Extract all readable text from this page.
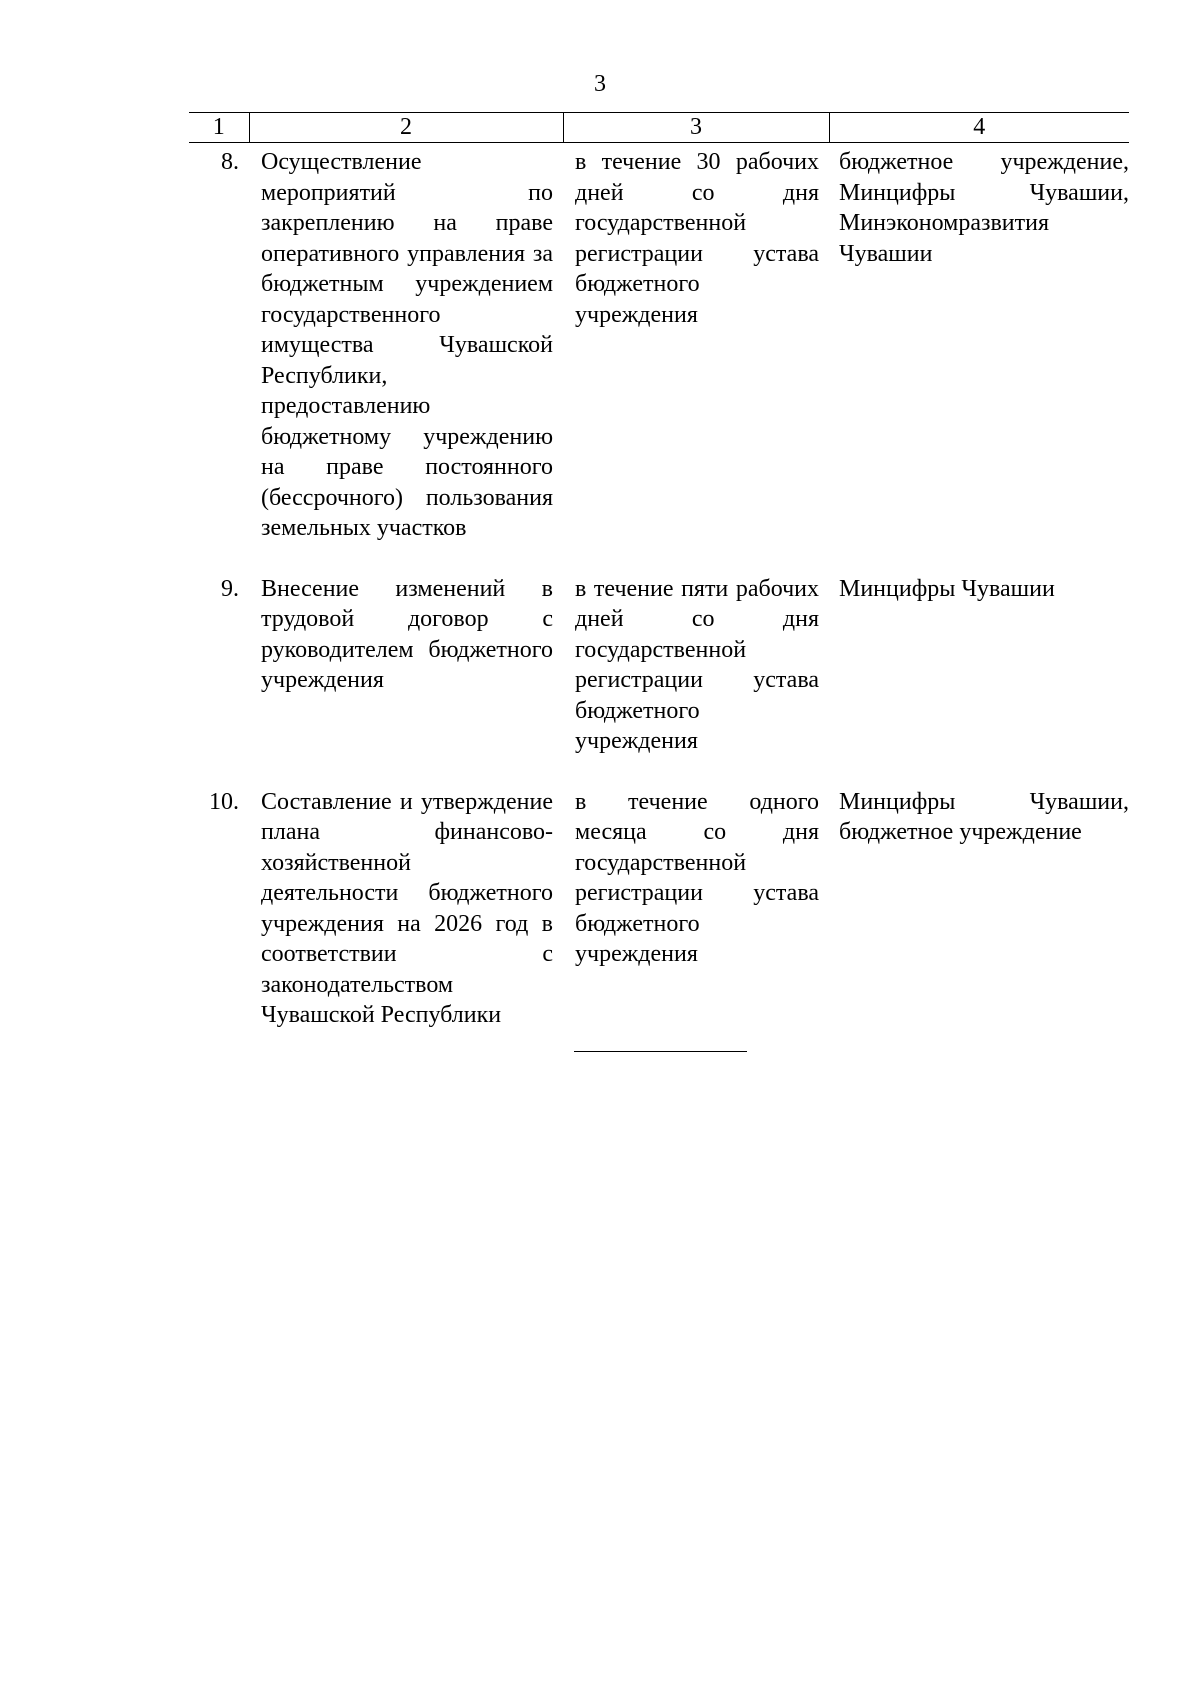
3
1	2	3	4
8.	Осуществление мероприятий по закреплению на праве оперативного управления за бюджетным учреждением государственного имущества Чувашской Республики, предоставлению бюджетному учреждению на праве постоянного (бессрочного) пользования земельных участков	в течение 30 рабочих дней со дня государственной регистрации устава бюджетного учреждения	бюджетное учреждение, Минцифры Чувашии, Минэкономразвития Чувашии

9.	Внесение изменений в трудовой договор с руководителем бюджетного учреждения	в течение пяти рабочих дней со дня государственной регистрации устава бюджетного учреждения	Минцифры Чувашии

10.	Составление и утверждение плана финансово-хозяйственной деятельности бюджетного учреждения на 2026 год в соответствии с законодательством Чувашской Республики	в течение одного месяца со дня государственной регистрации устава бюджетного учреждения	Минцифры Чувашии, бюджетное учреждение
